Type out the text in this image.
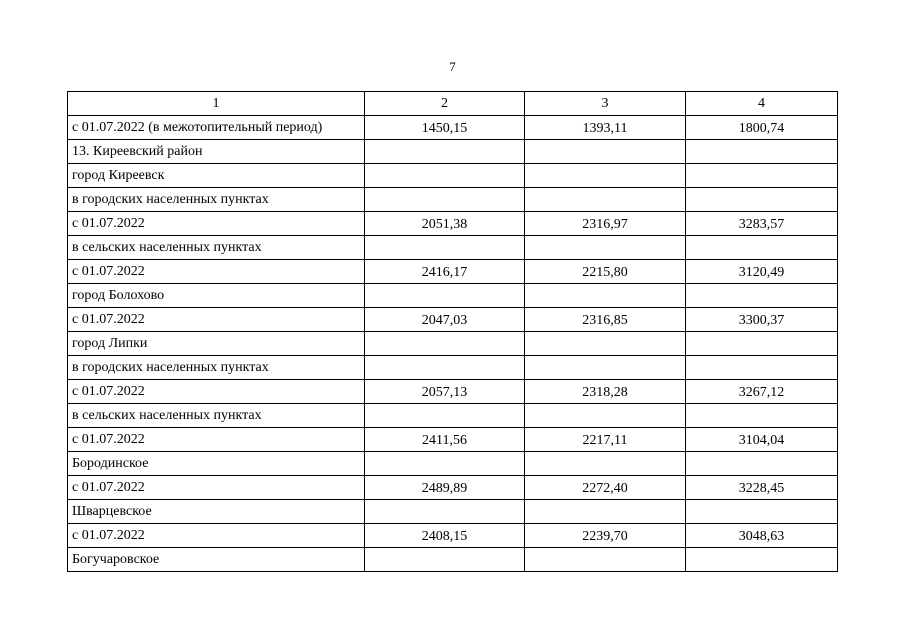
7
1	2	3	4
с 01.07.2022 (в межотопительный период)	1450,15	1393,11	1800,74
13. Киреевский район			
город Киреевск			
в городских населенных пунктах			
с 01.07.2022	2051,38	2316,97	3283,57
в сельских населенных пунктах			
с 01.07.2022	2416,17	2215,80	3120,49
город Болохово			
с 01.07.2022	2047,03	2316,85	3300,37
город Липки			
в городских населенных пунктах			
с 01.07.2022	2057,13	2318,28	3267,12
в сельских населенных пунктах			
с 01.07.2022	2411,56	2217,11	3104,04
Бородинское			
с 01.07.2022	2489,89	2272,40	3228,45
Шварцевское			
с 01.07.2022	2408,15	2239,70	3048,63
Богучаровское			
